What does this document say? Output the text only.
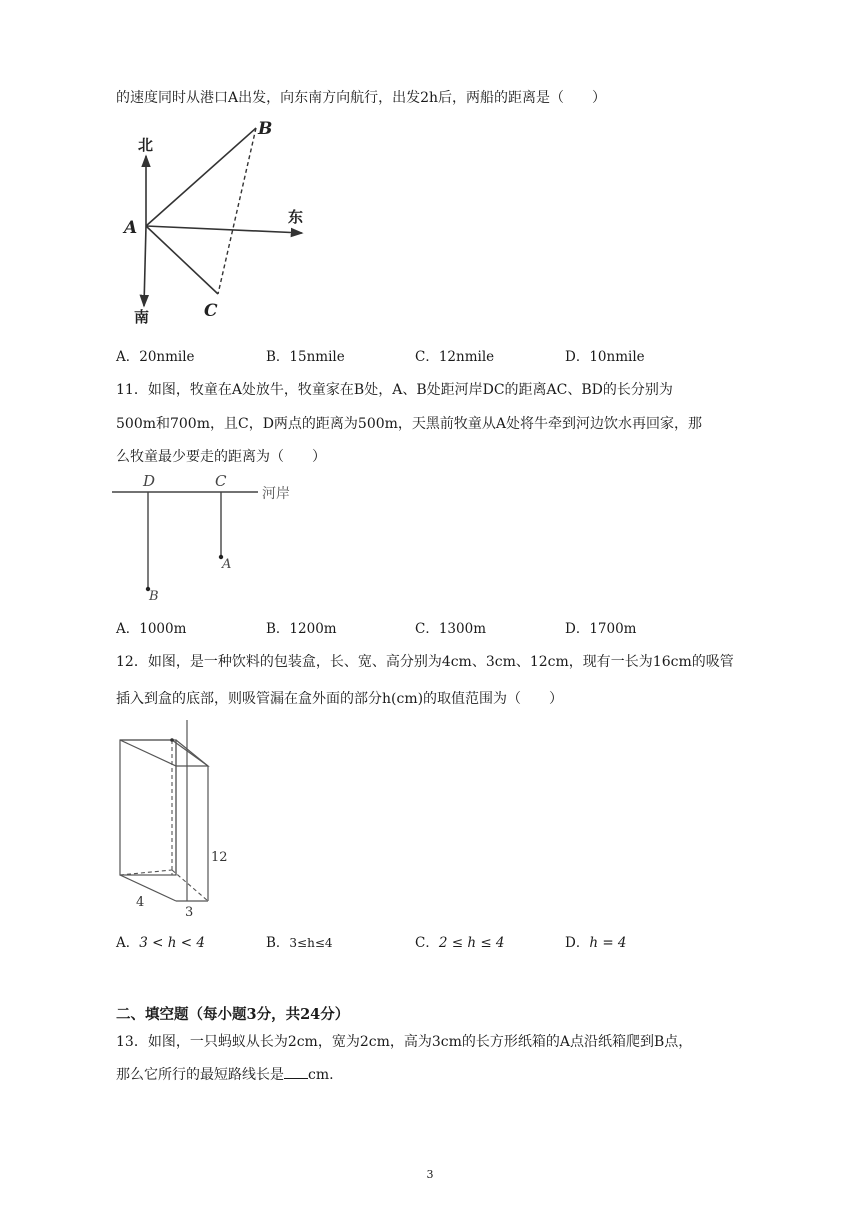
的速度同时从港口A出发，向东南方向航行，出发2h后，两船的距离是（　　）
北
南
东
A
B
C
A．20nmile	B．15nmile	C．12nmile	D．10nmile
11．如图，牧童在A处放牛，牧童家在B处，A、B处距河岸DC的距离AC、BD的长分别为
500m和700m，且C，D两点的距离为500m，天黑前牧童从A处将牛牵到河边饮水再回家，那
么牧童最少要走的距离为（　　）
D	C
河岸
A
B
A．1000m	B．1200m	C．1300m	D．1700m
12．如图，是一种饮料的包装盒，长、宽、高分别为4cm、3cm、12cm，现有一长为16cm的吸管
插入到盒的底部，则吸管漏在盒外面的部分h(cm)的取值范围为（　　）
12
4
3
A．3 < h < 4	B．3≤h≤4	C．2 ≤ h ≤ 4	D．h = 4
二、填空题（每小题3分，共24分）
13．如图，一只蚂蚁从长为2cm，宽为2cm，高为3cm的长方形纸箱的A点沿纸箱爬到B点，
那么它所行的最短路线长是 cm.
3
